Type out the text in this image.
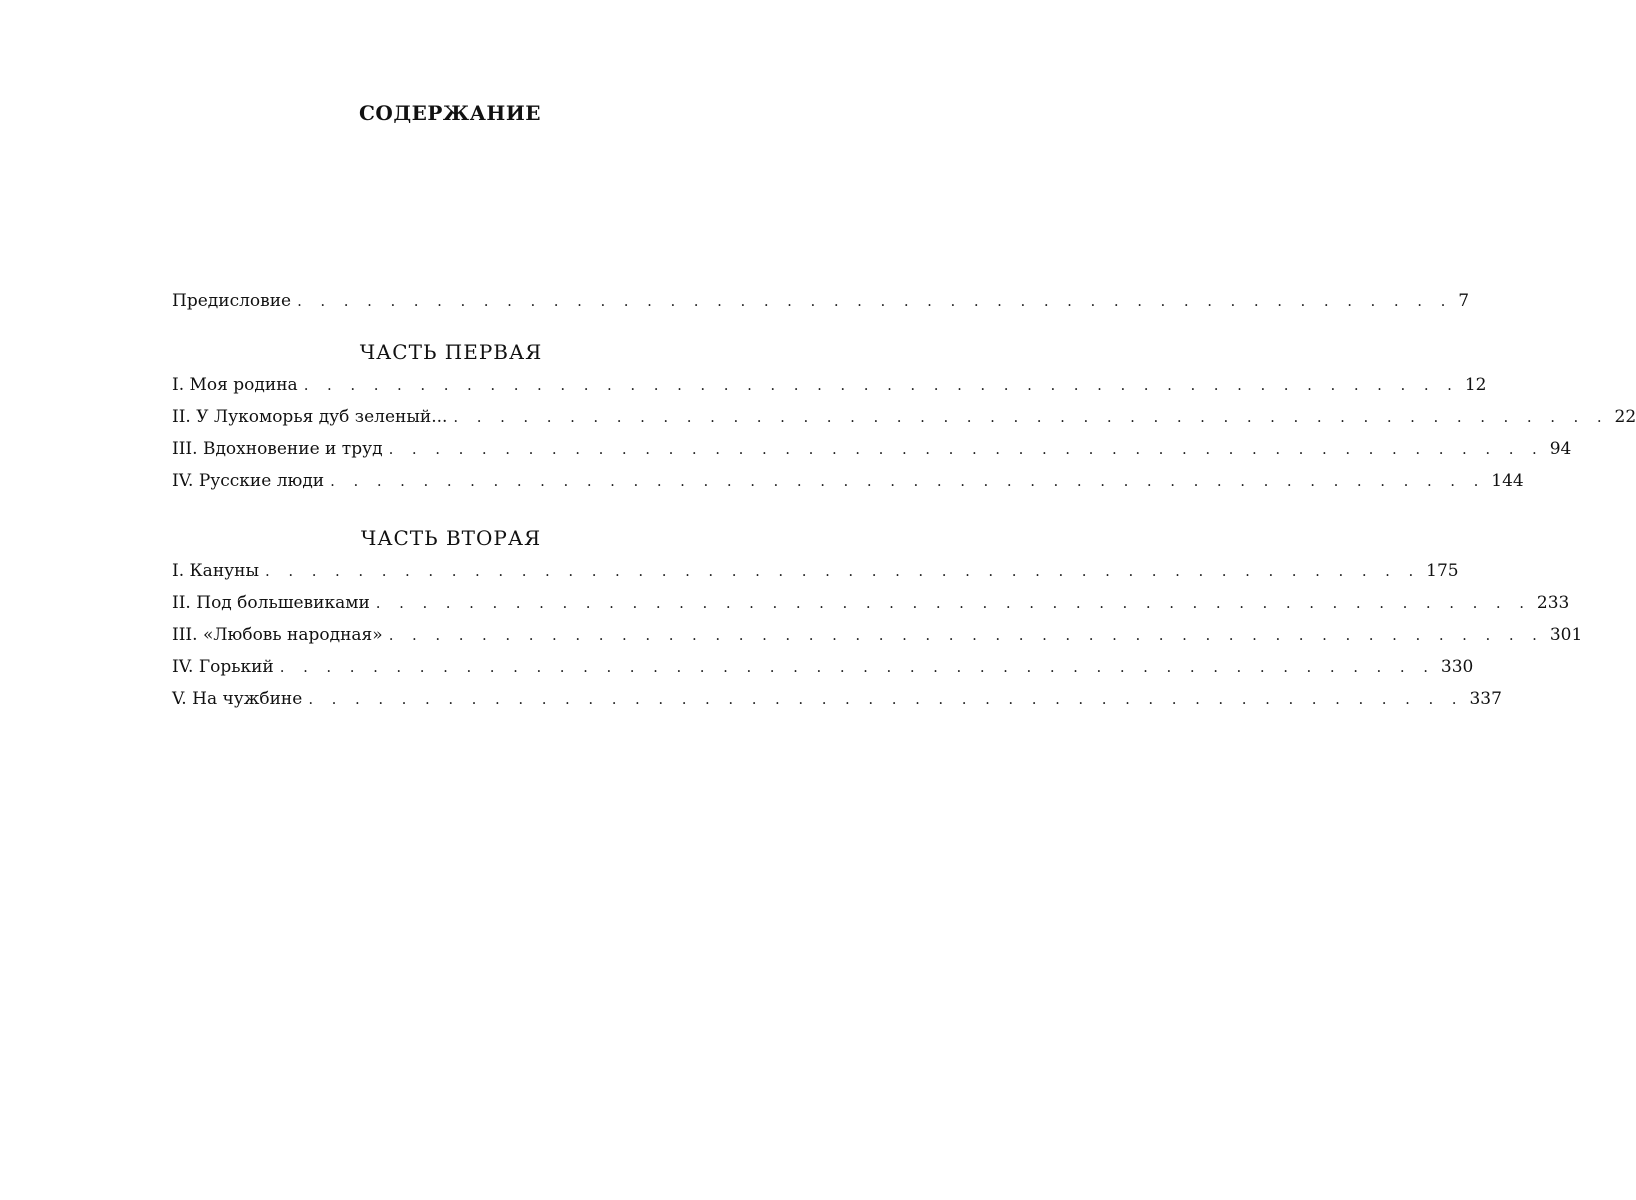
СОДЕРЖАНИЕ
Предисловие . . . . . . . . . . . . . . . . . . . . . . . . . . . . . . . . . . . . . . . . . . . . . . . . . . 7
ЧАСТЬ ПЕРВАЯ
I. Моя родина . . . . . . . . . . . . . . . . . . . . . . . . . . . . . . . . . . . . . . . . . . . . . . . . . . 12
II. У Лукоморья дуб зеленый... . . . . . . . . . . . . . . . . . . . . . . . . . . . . . . . . . . . . . . . . . . . . . . . . . . 22
III. Вдохновение и труд . . . . . . . . . . . . . . . . . . . . . . . . . . . . . . . . . . . . . . . . . . . . . . . . . . 94
IV. Русские люди . . . . . . . . . . . . . . . . . . . . . . . . . . . . . . . . . . . . . . . . . . . . . . . . . . 144
ЧАСТЬ ВТОРАЯ
I. Кануны . . . . . . . . . . . . . . . . . . . . . . . . . . . . . . . . . . . . . . . . . . . . . . . . . . 175
II. Под большевиками . . . . . . . . . . . . . . . . . . . . . . . . . . . . . . . . . . . . . . . . . . . . . . . . . . 233
III. «Любовь народная» . . . . . . . . . . . . . . . . . . . . . . . . . . . . . . . . . . . . . . . . . . . . . . . . . . 301
IV. Горький . . . . . . . . . . . . . . . . . . . . . . . . . . . . . . . . . . . . . . . . . . . . . . . . . . 330
V. На чужбине . . . . . . . . . . . . . . . . . . . . . . . . . . . . . . . . . . . . . . . . . . . . . . . . . . 337
